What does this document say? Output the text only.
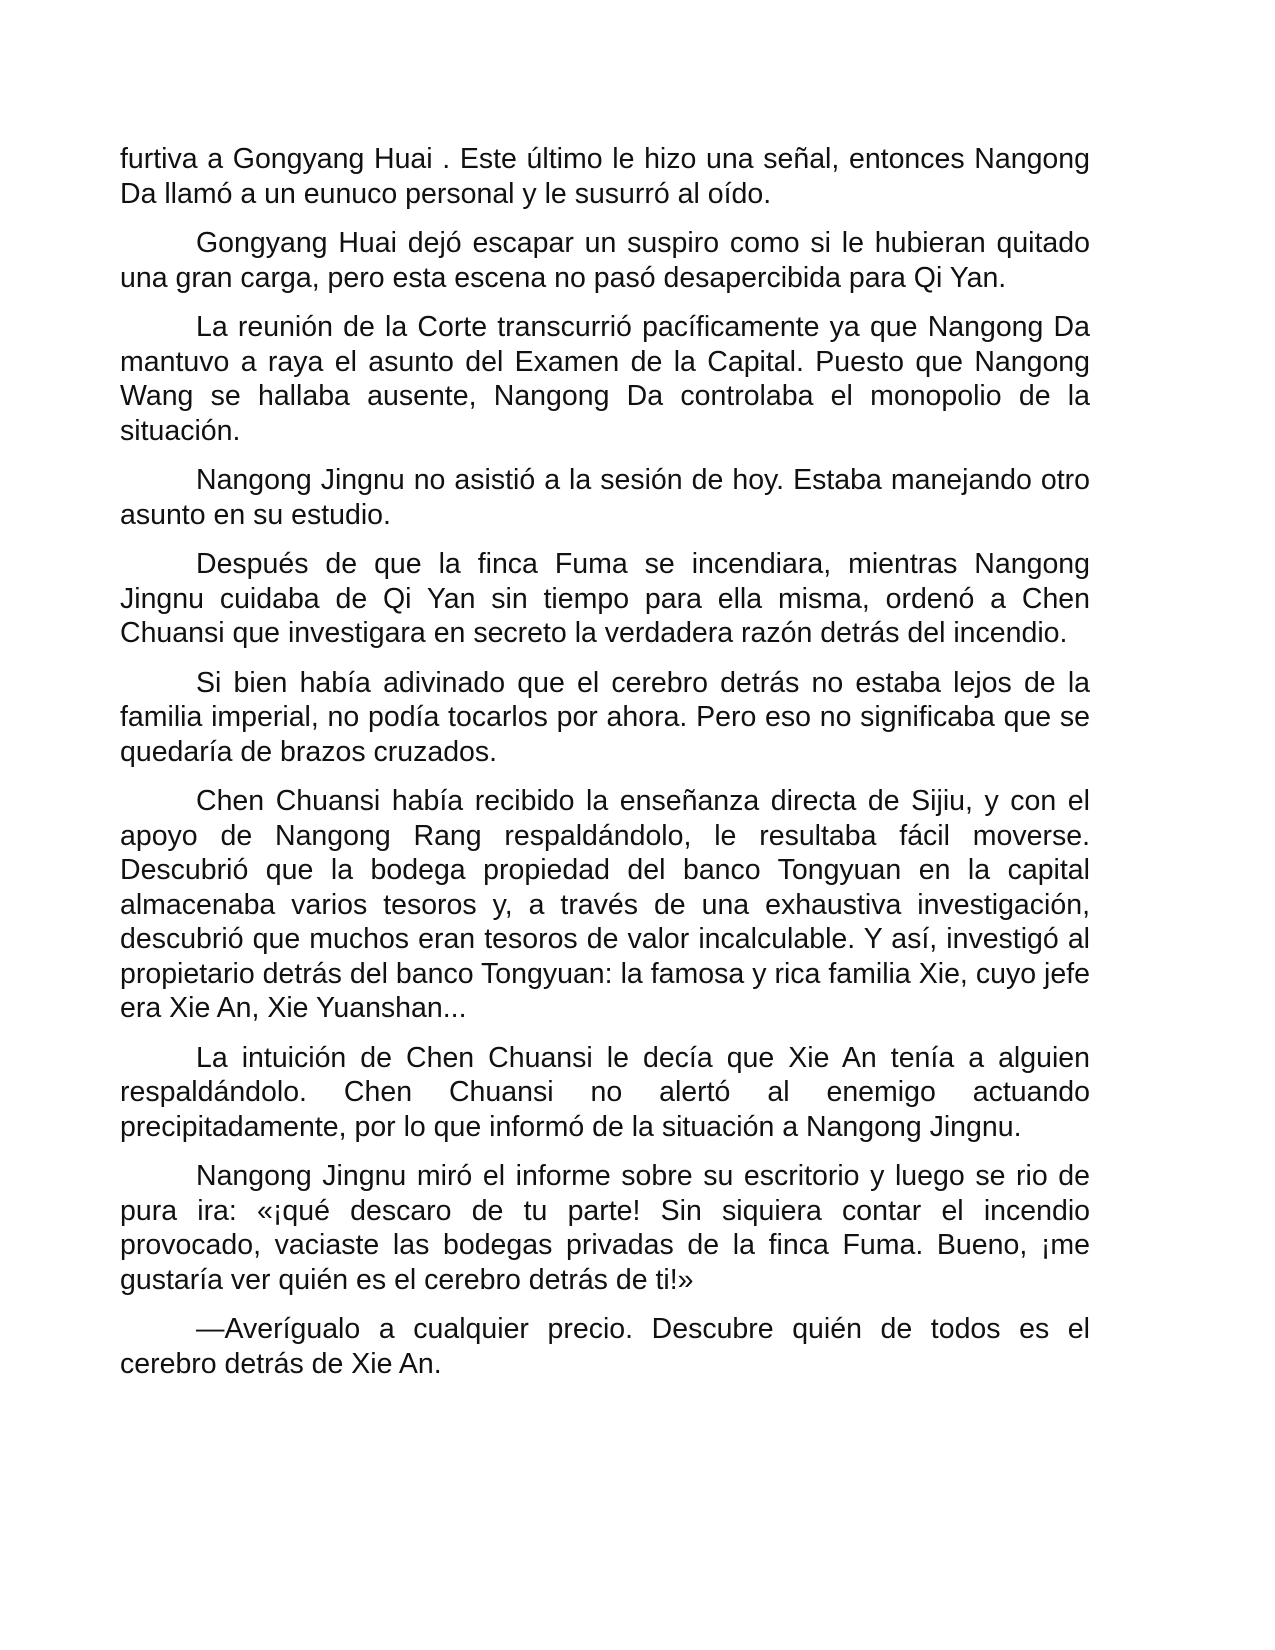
furtiva a Gongyang Huai . Este último le hizo una señal, entonces Nangong Da llamó a un eunuco personal y le susurró al oído.

Gongyang Huai dejó escapar un suspiro como si le hubieran quitado una gran carga, pero esta escena no pasó desapercibida para Qi Yan.

La reunión de la Corte transcurrió pacíficamente ya que Nangong Da mantuvo a raya el asunto del Examen de la Capital. Puesto que Nangong Wang se hallaba ausente, Nangong Da controlaba el monopolio de la situación.

Nangong Jingnu no asistió a la sesión de hoy. Estaba manejando otro asunto en su estudio.

Después de que la finca Fuma se incendiara, mientras Nangong Jingnu cuidaba de Qi Yan sin tiempo para ella misma, ordenó a Chen Chuansi que investigara en secreto la verdadera razón detrás del incendio.

Si bien había adivinado que el cerebro detrás no estaba lejos de la familia imperial, no podía tocarlos por ahora. Pero eso no significaba que se quedaría de brazos cruzados.

Chen Chuansi había recibido la enseñanza directa de Sijiu, y con el apoyo de Nangong Rang respaldándolo, le resultaba fácil moverse. Descubrió que la bodega propiedad del banco Tongyuan en la capital almacenaba varios tesoros y, a través de una exhaustiva investigación, descubrió que muchos eran tesoros de valor incalculable. Y así, investigó al propietario detrás del banco Tongyuan: la famosa y rica familia Xie, cuyo jefe era Xie An, Xie Yuanshan...

La intuición de Chen Chuansi le decía que Xie An tenía a alguien respaldándolo. Chen Chuansi no alertó al enemigo actuando precipitadamente, por lo que informó de la situación a Nangong Jingnu.

Nangong Jingnu miró el informe sobre su escritorio y luego se rio de pura ira: «¡qué descaro de tu parte! Sin siquiera contar el incendio provocado, vaciaste las bodegas privadas de la finca Fuma. Bueno, ¡me gustaría ver quién es el cerebro detrás de ti!»

—Averígualo a cualquier precio. Descubre quién de todos es el cerebro detrás de Xie An.
